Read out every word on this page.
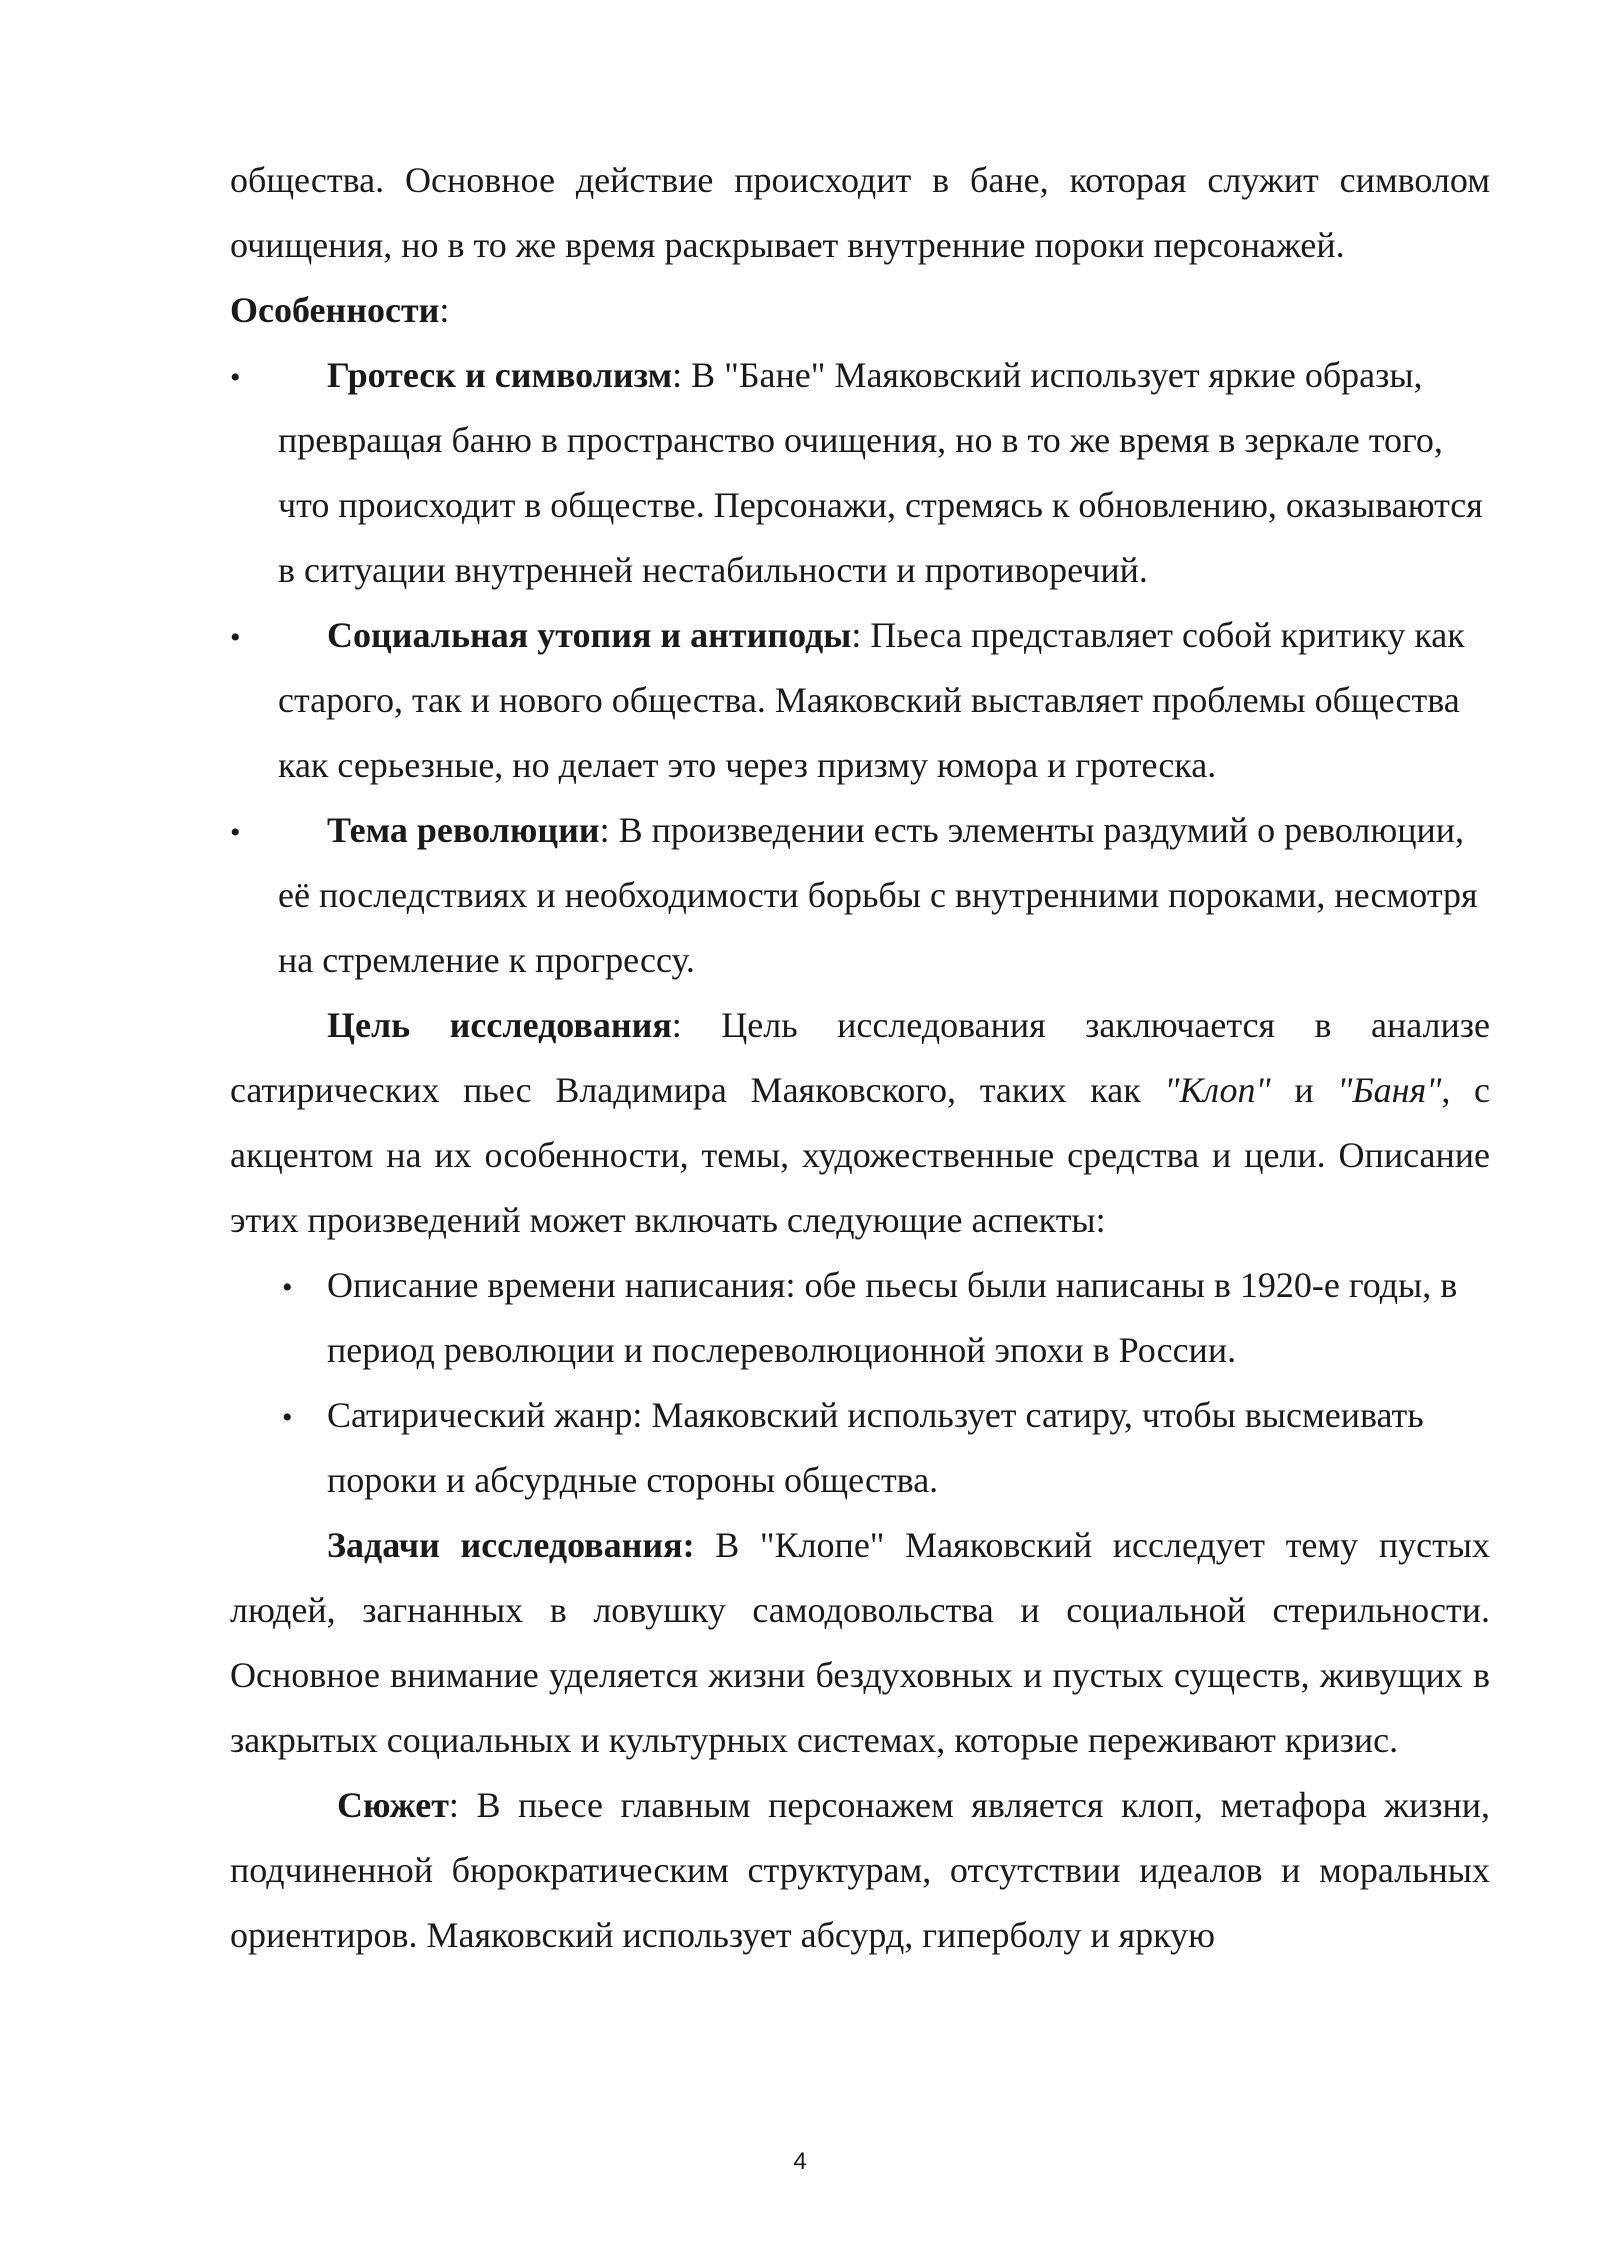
общества. Основное действие происходит в бане, которая служит символом очищения, но в то же время раскрывает внутренние пороки персонажей.

Особенности:

• Гротеск и символизм: В "Бане" Маяковский использует яркие образы, превращая баню в пространство очищения, но в то же время в зеркале того, что происходит в обществе. Персонажи, стремясь к обновлению, оказываются в ситуации внутренней нестабильности и противоречий.
• Социальная утопия и антиподы: Пьеса представляет собой критику как старого, так и нового общества. Маяковский выставляет проблемы общества как серьезные, но делает это через призму юмора и гротеска.
• Тема революции: В произведении есть элементы раздумий о революции, её последствиях и необходимости борьбы с внутренними пороками, несмотря на стремление к прогрессу.

Цель исследования: Цель исследования заключается в анализе сатирических пьес Владимира Маяковского, таких как "Клоп" и "Баня", с акцентом на их особенности, темы, художественные средства и цели. Описание этих произведений может включать следующие аспекты:

• Описание времени написания: обе пьесы были написаны в 1920-е годы, в период революции и послереволюционной эпохи в России.
• Сатирический жанр: Маяковский использует сатиру, чтобы высмеивать пороки и абсурдные стороны общества.

Задачи исследования: В "Клопе" Маяковский исследует тему пустых людей, загнанных в ловушку самодовольства и социальной стерильности. Основное внимание уделяется жизни бездуховных и пустых существ, живущих в закрытых социальных и культурных системах, которые переживают кризис.

Сюжет: В пьесе главным персонажем является клоп, метафора жизни, подчиненной бюрократическим структурам, отсутствии идеалов и моральных ориентиров. Маяковский использует абсурд, гиперболу и яркую

4
